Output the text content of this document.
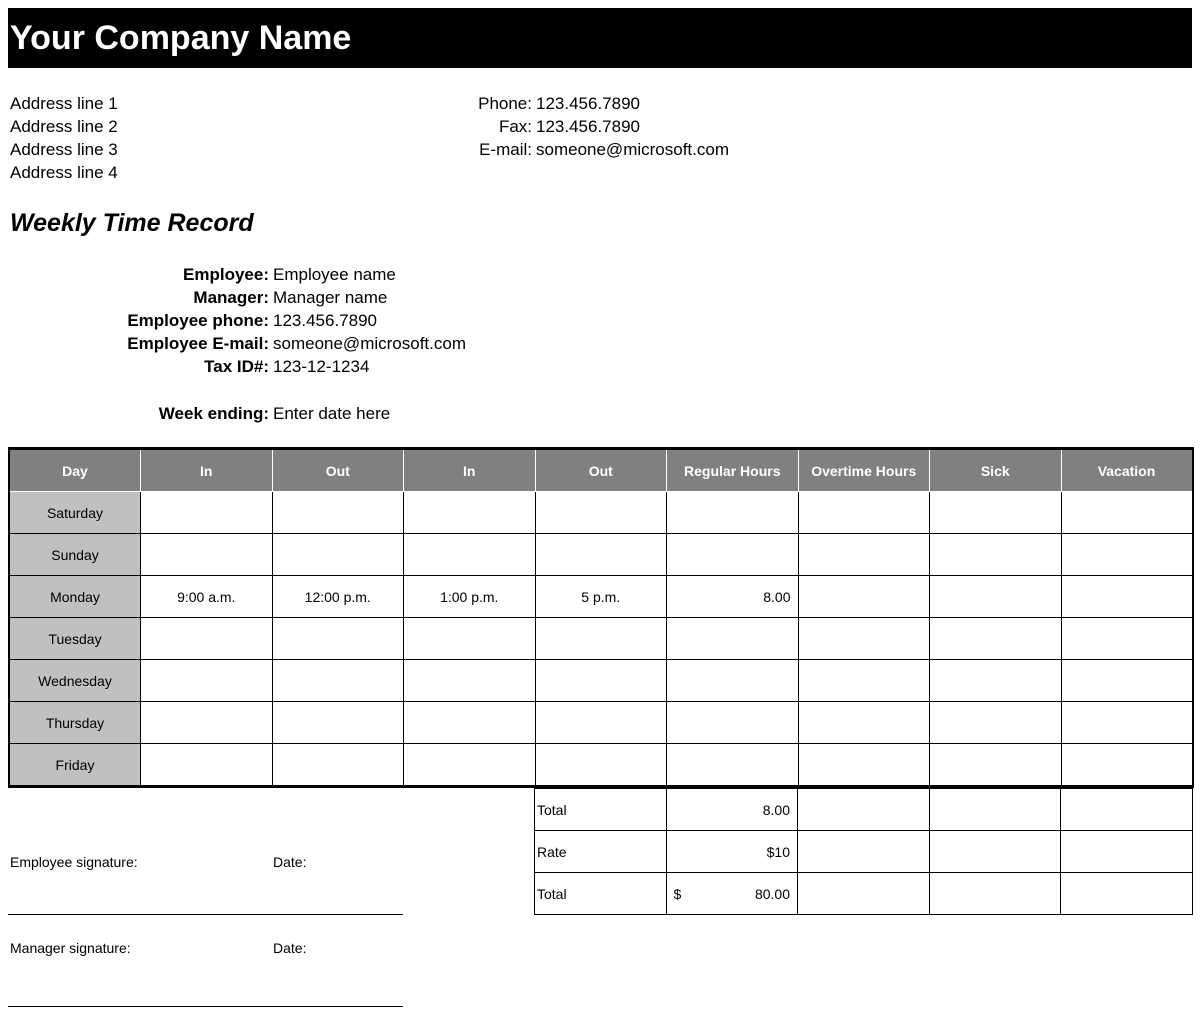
Your Company Name
Address line 1
Address line 2
Address line 3
Address line 4
Phone: 123.456.7890
Fax: 123.456.7890
E-mail: someone@microsoft.com
Weekly Time Record
Employee: Employee name
Manager: Manager name
Employee phone: 123.456.7890
Employee E-mail: someone@microsoft.com
Tax ID#: 123-12-1234
Week ending: Enter date here
Day	In	Out	In	Out	Regular Hours	Overtime Hours	Sick	Vacation
Saturday								
Sunday								
Monday	9:00 a.m.	12:00 p.m.	1:00 p.m.	5 p.m.	8.00			
Tuesday								
Wednesday								
Thursday								
Friday								
Total	8.00			
Rate	$10			
Total	$ 80.00			

Employee signature:	Date:
Manager signature:	Date:
